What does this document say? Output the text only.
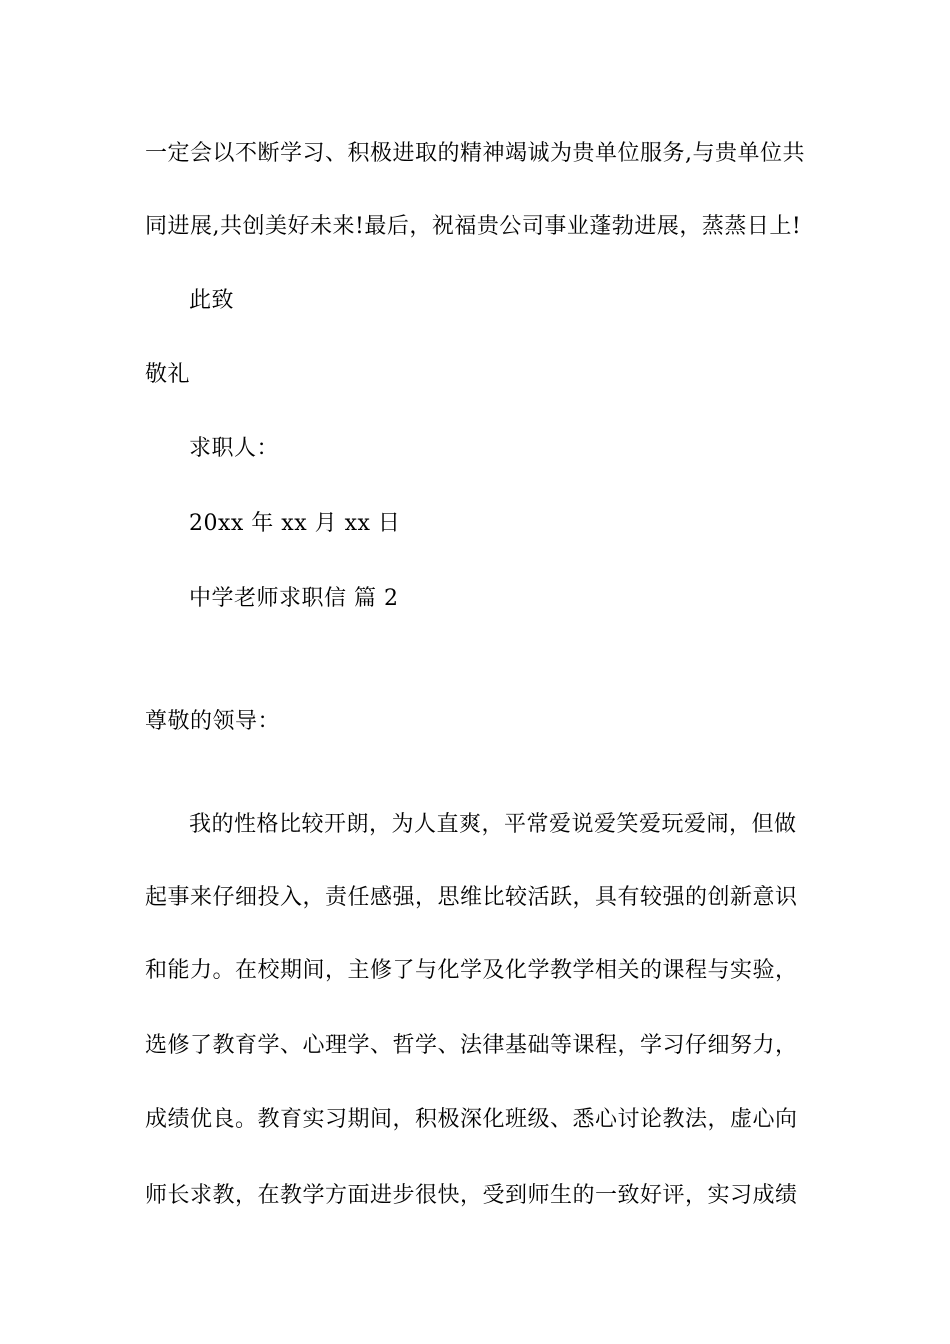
一定会以不断学习、积极进取的精神竭诚为贵单位服务,与贵单位共
同进展,共创美好未来!最后，祝福贵公司事业蓬勃进展，蒸蒸日上!
此致
敬礼
求职人：
20xx 年 xx 月 xx 日
中学老师求职信 篇 2
尊敬的领导：
我的性格比较开朗，为人直爽，平常爱说爱笑爱玩爱闹，但做
起事来仔细投入，责任感强，思维比较活跃，具有较强的创新意识
和能力。在校期间，主修了与化学及化学教学相关的课程与实验，
选修了教育学、心理学、哲学、法律基础等课程，学习仔细努力，
成绩优良。教育实习期间，积极深化班级、悉心讨论教法，虚心向
师长求教，在教学方面进步很快，受到师生的一致好评，实习成绩
